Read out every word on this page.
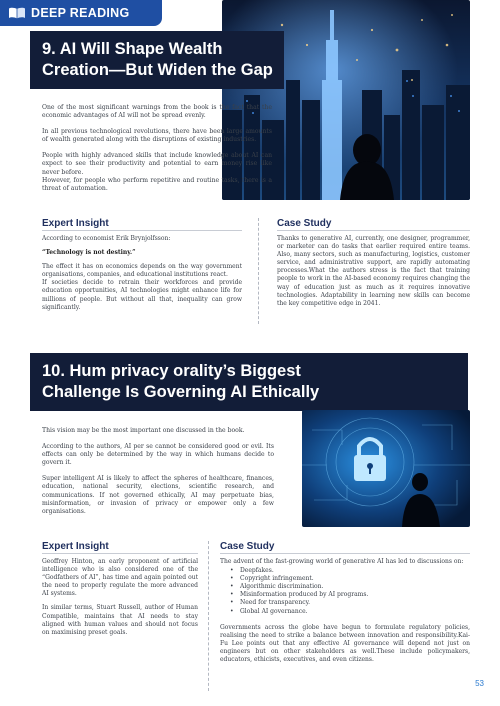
DEEP READING
9. AI Will Shape Wealth
Creation—But Widen the Gap

One of the most significant warnings from the book is the fact that the economic advantages of AI will not be spread evenly.

In all previous technological revolutions, there have been large amounts of wealth generated along with the disruptions of existing industries.

People with highly advanced skills that include knowledge about AI can expect to see their productivity and potential to earn money rise like never before.

However, for people who perform repetitive and routine tasks, there is a threat of automation.

Expert Insight

According to economist Erik Brynjolfsson:

“Technology is not destiny.”

The effect it has on economics depends on the way government organisations, companies, and educational institutions react.

If societies decide to retrain their workforces and provide education opportunities, AI technologies might enhance life for millions of people. But without all that, inequality can grow significantly.

Case Study

Thanks to generative AI, currently, one designer, programmer, or marketer can do tasks that earlier required entire teams. Also, many sectors, such as manufacturing, logistics, customer service, and administrative support, are rapidly automating processes.What the authors stress is the fact that training people to work in the AI-based economy requires changing the way of education just as much as it requires innovative technologies. Adaptability in learning new skills can become the key competitive edge in 2041.

10. Hum privacy orality’s Biggest
Challenge Is Governing AI Ethically

This vision may be the most important one discussed in the book.

According to the authors, AI per se cannot be considered good or evil. Its effects can only be determined by the way in which humans decide to govern it.

Super intelligent AI is likely to affect the spheres of healthcare, finances, education, national security, elections, scientific research, and communications. If not governed ethically, AI may perpetuate bias, misinformation, or invasion of privacy or empower only a few organisations.

Expert Insight

Geoffrey Hinton, an early proponent of artificial intelligence who is also considered one of the “Godfathers of AI”, has time and again pointed out the need to properly regulate the more advanced AI systems.

In similar terms, Stuart Russell, author of Human Compatible, maintains that AI needs to stay aligned with human values and should not focus on maximising preset goals.

Case Study

The advent of the fast-growing world of generative AI has led to discussions on:

• Deepfakes.
• Copyright infringement.
• Algorithmic discrimination.
• Misinformation produced by AI programs.
• Need for transparency.
• Global AI governance.

Governments across the globe have begun to formulate regulatory policies, realising the need to strike a balance between innovation and responsibility.Kai-Fu Lee points out that any effective AI governance will depend not just on engineers but on other stakeholders as well.These include policymakers, educators, ethicists, executives, and even citizens.

53
